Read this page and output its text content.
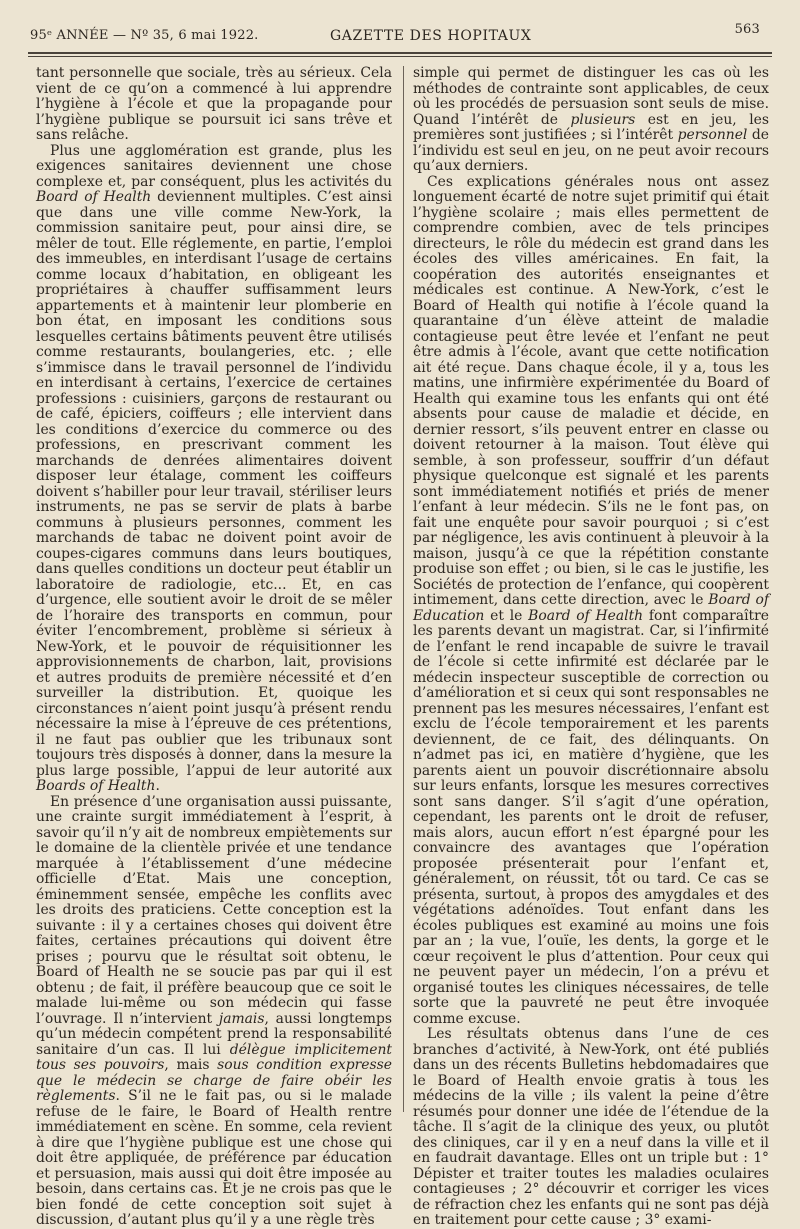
95ᵉ ANNÉE — Nº 35, 6 mai 1922.	GAZETTE DES HOPITAUX	563

tant personnelle que sociale, très au sérieux. Cela vient de ce qu’on a commencé à lui apprendre l’hygiène à l’école et que la propagande pour l’hygiène publique se poursuit ici sans trêve et sans relâche.

Plus une agglomération est grande, plus les exigences sanitaires deviennent une chose complexe et, par conséquent, plus les activités du Board of Health deviennent multiples. C’est ainsi que dans une ville comme New-York, la commission sanitaire peut, pour ainsi dire, se mêler de tout. Elle réglemente, en partie, l’emploi des immeubles, en interdisant l’usage de certains comme locaux d’habitation, en obligeant les propriétaires à chauffer suffisamment leurs appartements et à maintenir leur plomberie en bon état, en imposant les conditions sous lesquelles certains bâtiments peuvent être utilisés comme restaurants, boulangeries, etc. ; elle s’immisce dans le travail personnel de l’individu en interdisant à certains, l’exercice de certaines professions : cuisiniers, garçons de restaurant ou de café, épiciers, coiffeurs ; elle intervient dans les conditions d’exercice du commerce ou des professions, en prescrivant comment les marchands de denrées alimentaires doivent disposer leur étalage, comment les coiffeurs doivent s’habiller pour leur travail, stériliser leurs instruments, ne pas se servir de plats à barbe communs à plusieurs personnes, comment les marchands de tabac ne doivent point avoir de coupes-cigares communs dans leurs boutiques, dans quelles conditions un docteur peut établir un laboratoire de radiologie, etc... Et, en cas d’urgence, elle soutient avoir le droit de se mêler de l’horaire des transports en commun, pour éviter l’encombrement, problème si sérieux à New-York, et le pouvoir de réquisitionner les approvisionnements de charbon, lait, provisions et autres produits de première nécessité et d’en surveiller la distribution. Et, quoique les circonstances n’aient point jusqu’à présent rendu nécessaire la mise à l’épreuve de ces prétentions, il ne faut pas oublier que les tribunaux sont toujours très disposés à donner, dans la mesure la plus large possible, l’appui de leur autorité aux Boards of Health.

En présence d’une organisation aussi puissante, une crainte surgit immédiatement à l’esprit, à savoir qu’il n’y ait de nombreux empiètements sur le domaine de la clientèle privée et une tendance marquée à l’établissement d’une médecine officielle d’Etat. Mais une conception, éminemment sensée, empêche les conflits avec les droits des praticiens. Cette conception est la suivante : il y a certaines choses qui doivent être faites, certaines précautions qui doivent être prises ; pourvu que le résultat soit obtenu, le Board of Health ne se soucie pas par qui il est obtenu ; de fait, il préfère beaucoup que ce soit le malade lui-même ou son médecin qui fasse l’ouvrage. Il n’intervient jamais, aussi longtemps qu’un médecin compétent prend la responsabilité sanitaire d’un cas. Il lui délègue implicitement tous ses pouvoirs, mais sous condition expresse que le médecin se charge de faire obéir les règlements. S’il ne le fait pas, ou si le malade refuse de le faire, le Board of Health rentre immédiatement en scène. En somme, cela revient à dire que l’hygiène publique est une chose qui doit être appliquée, de préférence par éducation et persuasion, mais aussi qui doit être imposée au besoin, dans certains cas. Et je ne crois pas que le bien fondé de cette conception soit sujet à discussion, d’autant plus qu’il y a une règle très

simple qui permet de distinguer les cas où les méthodes de contrainte sont applicables, de ceux où les procédés de persuasion sont seuls de mise. Quand l’intérêt de plusieurs est en jeu, les premières sont justifiées ; si l’intérêt personnel de l’individu est seul en jeu, on ne peut avoir recours qu’aux derniers.

Ces explications générales nous ont assez longuement écarté de notre sujet primitif qui était l’hygiène scolaire ; mais elles permettent de comprendre combien, avec de tels principes directeurs, le rôle du médecin est grand dans les écoles des villes américaines. En fait, la coopération des autorités enseignantes et médicales est continue. A New-York, c’est le Board of Health qui notifie à l’école quand la quarantaine d’un élève atteint de maladie contagieuse peut être levée et l’enfant ne peut être admis à l’école, avant que cette notification ait été reçue. Dans chaque école, il y a, tous les matins, une infirmière expérimentée du Board of Health qui examine tous les enfants qui ont été absents pour cause de maladie et décide, en dernier ressort, s’ils peuvent entrer en classe ou doivent retourner à la maison. Tout élève qui semble, à son professeur, souffrir d’un défaut physique quelconque est signalé et les parents sont immédiatement notifiés et priés de mener l’enfant à leur médecin. S’ils ne le font pas, on fait une enquête pour savoir pourquoi ; si c’est par négligence, les avis continuent à pleuvoir à la maison, jusqu’à ce que la répétition constante produise son effet ; ou bien, si le cas le justifie, les Sociétés de protection de l’enfance, qui coopèrent intimement, dans cette direction, avec le Board of Education et le Board of Health font comparaître les parents devant un magistrat. Car, si l’infirmité de l’enfant le rend incapable de suivre le travail de l’école si cette infirmité est déclarée par le médecin inspecteur susceptible de correction ou d’amélioration et si ceux qui sont responsables ne prennent pas les mesures nécessaires, l’enfant est exclu de l’école temporairement et les parents deviennent, de ce fait, des délinquants. On n’admet pas ici, en matière d’hygiène, que les parents aient un pouvoir discrétionnaire absolu sur leurs enfants, lorsque les mesures correctives sont sans danger. S’il s’agit d’une opération, cependant, les parents ont le droit de refuser, mais alors, aucun effort n’est épargné pour les convaincre des avantages que l’opération proposée présenterait pour l’enfant et, généralement, on réussit, tôt ou tard. Ce cas se présenta, surtout, à propos des amygdales et des végétations adénoïdes. Tout enfant dans les écoles publiques est examiné au moins une fois par an ; la vue, l’ouïe, les dents, la gorge et le cœur reçoivent le plus d’attention. Pour ceux qui ne peuvent payer un médecin, l’on a prévu et organisé toutes les cliniques nécessaires, de telle sorte que la pauvreté ne peut être invoquée comme excuse.

Les résultats obtenus dans l’une de ces branches d’activité, à New-York, ont été publiés dans un des récents Bulletins hebdomadaires que le Board of Health envoie gratis à tous les médecins de la ville ; ils valent la peine d’être résumés pour donner une idée de l’étendue de la tâche. Il s’agit de la clinique des yeux, ou plutôt des cliniques, car il y en a neuf dans la ville et il en faudrait davantage. Elles ont un triple but : 1° Dépister et traiter toutes les maladies oculaires contagieuses ; 2° découvrir et corriger les vices de réfraction chez les enfants qui ne sont pas déjà en traitement pour cette cause ; 3° exami-
